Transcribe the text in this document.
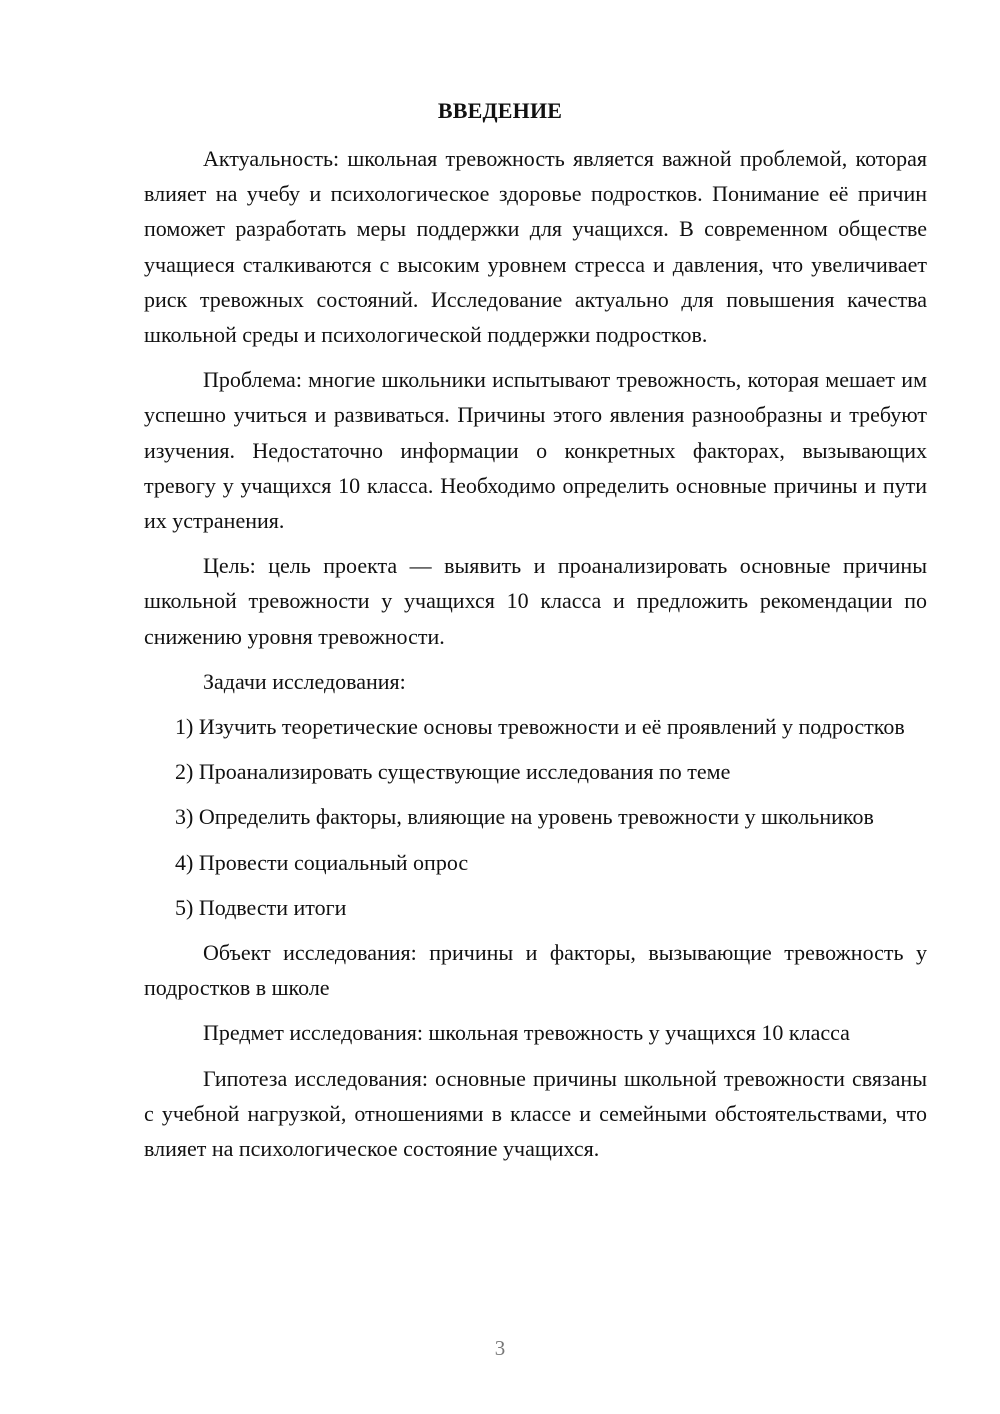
ВВЕДЕНИЕ

Актуальность: школьная тревожность является важной проблемой, которая влияет на учебу и психологическое здоровье подростков. Понимание её причин поможет разработать меры поддержки для учащихся. В современном обществе учащиеся сталкиваются с высоким уровнем стресса и давления, что увеличивает риск тревожных состояний. Исследование актуально для повышения качества школьной среды и психологической поддержки подростков.

Проблема: многие школьники испытывают тревожность, которая мешает им успешно учиться и развиваться. Причины этого явления разнообразны и требуют изучения. Недостаточно информации о конкретных факторах, вызывающих тревогу у учащихся 10 класса. Необходимо определить основные причины и пути их устранения.

Цель: цель проекта — выявить и проанализировать основные причины школьной тревожности у учащихся 10 класса и предложить рекомендации по снижению уровня тревожности.

Задачи исследования:

1) Изучить теоретические основы тревожности и её проявлений у подростков

2) Проанализировать существующие исследования по теме

3) Определить факторы, влияющие на уровень тревожности у школьников

4) Провести социальный опрос

5) Подвести итоги

Объект исследования: причины и факторы, вызывающие тревожность у подростков в школе

Предмет исследования: школьная тревожность у учащихся 10 класса

Гипотеза исследования: основные причины школьной тревожности связаны с учебной нагрузкой, отношениями в классе и семейными обстоятельствами, что влияет на психологическое состояние учащихся.

3
